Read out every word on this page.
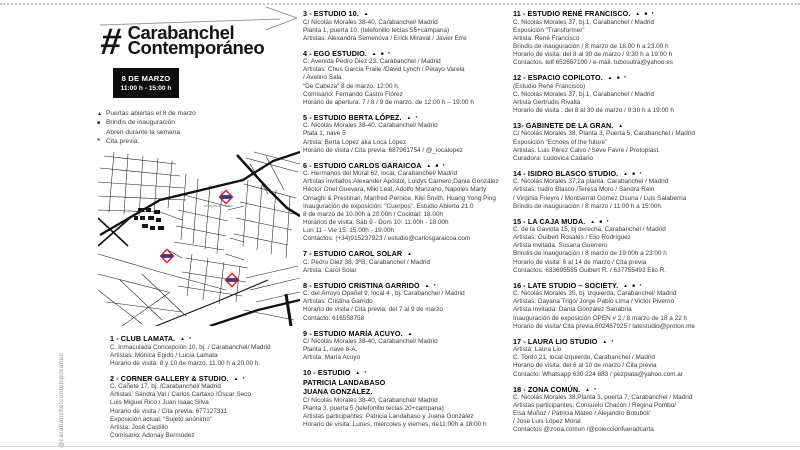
@carabanchelcontemporaneo
# Carabanchel
Contemporáneo
8 DE MARZO
11:00 h - 15:00 h
▲ Puertas abiertas el 8 de marzo
■ Brindis de inauguración
Abren durante la semana
* Cita previa.
Marqués de Vadillo
1 - CLUB LAMATA. ▲ *
C. Inmaculada Concepción 10, bj. / Carabanchel/ Madrid
Artistas: Mónica Egido / Lucía Lamata
Horario de visita: 8 y 10 de marzo. 11.00 h a 20.00 h.
2 - CORNER GALLERY & STUDIO. ▲ *
C. Cañete 17, bj. /Carabanchel/ Madrid
Artistas: Sandra Val / Carlos Cartaxo /Óscar Seco
Luis Miguel Rico / Juan Isaac Silva
Horario de visita / Cita previa. 677127311
Exposición actual. “Sujeto anónimo”
Artista: José Castillo
Comisario: Adonay Bermúdez
3 - ESTUDIO 10. ▲
C/ Nicolás Morales 38-40, Carabanchel/ Madrid
Planta 1, puerta 10. (telefonillo teclas 55+campana)
Artistas: Alexandra Semenova / Erick Miraval / Javier Erre
4 - EGO ESTUDIO. ▲ ■ *
C. Avenida Pedro Diez 23, Carabanchel / Madrid
Artistas: Chus García Fraile /David Lynch / Pelayo Varela
/ Avelino Sala
“De Cabeza” 8 de marzo. 12:00 h.
Comisario: Fernando Castro Flórez
Horario de apertura. 7 / 8 / 9 de marzo. de 12:00 h – 19:00 h
5 - ESTUDIO BERTA LÓPEZ. ▲ *
C. Nicolás Morales 38-40. Carabanchel/ Madrid
Plata 1, nave 5
Artista: Berta López aka Loca López
Horario de visita / Cita previa. 687961754 / @_localopez
6 - ESTUDIO CARLOS GARAICOA ▲ ■ *
C. Hermanos del Moral 62, local, Carabanchel/ Madrid
Artistas invitados:Alexander Apóstol, Loidys Carnero,Dania González
Héctor Onel Guevara, Miki Leal, Adolfo Manzano, Napoles Marty
Ornaghi & Prestinari, Manfred Pernice, Kiki Smith, Huang Yong Ping
Inauguración de exposición: “Cuerpos”. Estudio Abierto 21.0
8 de marzo de 10.00h a 20.00h / Cocktail: 18.00h
Horarios de visita: Sáb 9 - Dom 10: 11.00h - 18.00h
Lun 11 - Vie 15: 15.00h - 19.00h
Contactos: (+34)915237923 / estudio@carlosgaraicoa.com
7 - ESTUDIO CAROL SOLAR ▲
C. Pedro Diez 38, 3ºB, Carabanchel / Madrid
Artista: Carol Solar
8 - ESTUDIO CRISTINA GARRIDO ▲ *
C. del Arroyo Opañel 9, local 4 , bj. Carabanchel / Madrid
Artistas: Cristina Garrido
Horario de visita / Cita previa: del 7 al 9 de marzo
Contacto: 616558758
9 - ESTUDIO MARÍA ACUYO. ▲
C/ Nicolás Morales 38-40, Carabanchel/ Madrid
Planta 1, nave 8-A.
Artista: María Acuyo
10 - ESTUDIO ▲ *
PATRICIA LANDABASO
JUANA GONZÁLEZ.
C/ Nicolás Morales 38-40, Carabanchel/ Madrid
Planta 3, puerta 5 (telefonillo teclas 20+campana)
Artistas participantes: Patricia Landabaso y Juana González
Horario de visita. Lunes, miércoles y viernes, de11:00h a 18:00 h
11 - ESTUDIO RENÉ FRANCISCO. ▲ ■ *
C. Nicolás Morales 37, bj.1, Carabanchel / Madrid
Exposición “Transformer”
Artista: René Francisco
Brindis de inauguración / 8 marzo de 18.00 h a 23.00 h
Horario de visita: del 8 al 30 de marzo / 9:30 h a 19:00 h
Contactos. telf 652667100 / e-mail. tubosutra@yahoo.es
12 - ESPACIO COPILOTO. ▲ ■ *
(Estudio René Francisco)
C. Nicolás Morales 37, bj.1, Carabanchel / Madrid
Artista Gertrudis Rivalta
Horario de visita : del 8 al 30 de marzo / 9:30 h a 19:00 h
13- GABINETE DE LA GRAN. ▲
C/ Nicolás Morales 38, Planta 3, Puerta 5, Carabanchel / Madrid
Exposición “Echoes of the future”
Artistas. Luis Pérez Calvo / Séve Favre / Protoplast.
Curadora: Ludovica Cadario
14 - ISIDRO BLASCO STUDIO. ▲ ■ *
C. Nicolás Morales 37,2a planta. Carabanchel / Madrid
Artistas: Isidro Blasco /Teresa Moro / Sandra Rein
/ Virginia Frieyro / Montserrat Gómez Osuna / Luis Salaberria
Brindis de inauguración / 8 marzo / 11:00 h a 15:00h
15 - LA CAJA MUDA. ▲ ■ *
C. de la Gaviota 15, bj derecha, Carabanchel / Madrid
Artistas: Guibert Rosales / Elio Rodríguez
Artista invitada. Susana Guerrero
Brindis de inauguración / 8 marzo de 19:00h a 23:00 h
Horario de visita: 6 al 14 de marzo / Cita previa
Contactos: 633695585 Guibert R. / 637755493 Elio R.
16 - LATE STUDIO – SOCIETY. ▲ ■ *
C. Nicolás Morales 35, bj. izquierda, Carabanchel/ Madrid
Artistas: Dayana Trigo/ Jorge Pablo Lima / Victor Piverno
Artista Invitada: Dania González Sanabria
Inauguración de exposición OPEN # 2 / 8 marzo de 18 a 22 h
Horario de visita/ Cita previa.602487925 / latestudio@proton.me
17 - LAURA LIO STUDIO ▲ *
Artista: Laura Lio
C. Tordo 21, local izquierdo, Carabanchel / Madrid
Horario de visita: del 6 al 10 de marzo / Cita previa
Contacto: Whatsapp 630 224 883 / pezplata@yahoo.com.ar
18 - ZONA COMÚN. ▲ *
C. Nicolás Morales 38,Planta 3, puerta 7, Carabanchel / Madrid
Artistas participantes: Consuelo Chacón / Regina Pombo/
Elsa Muñoz / Patricia Mateo / Alejandro Botubol/
/ Jose Luis López Moral
Contactos @zona.comun /@coleccionfueradcarta
